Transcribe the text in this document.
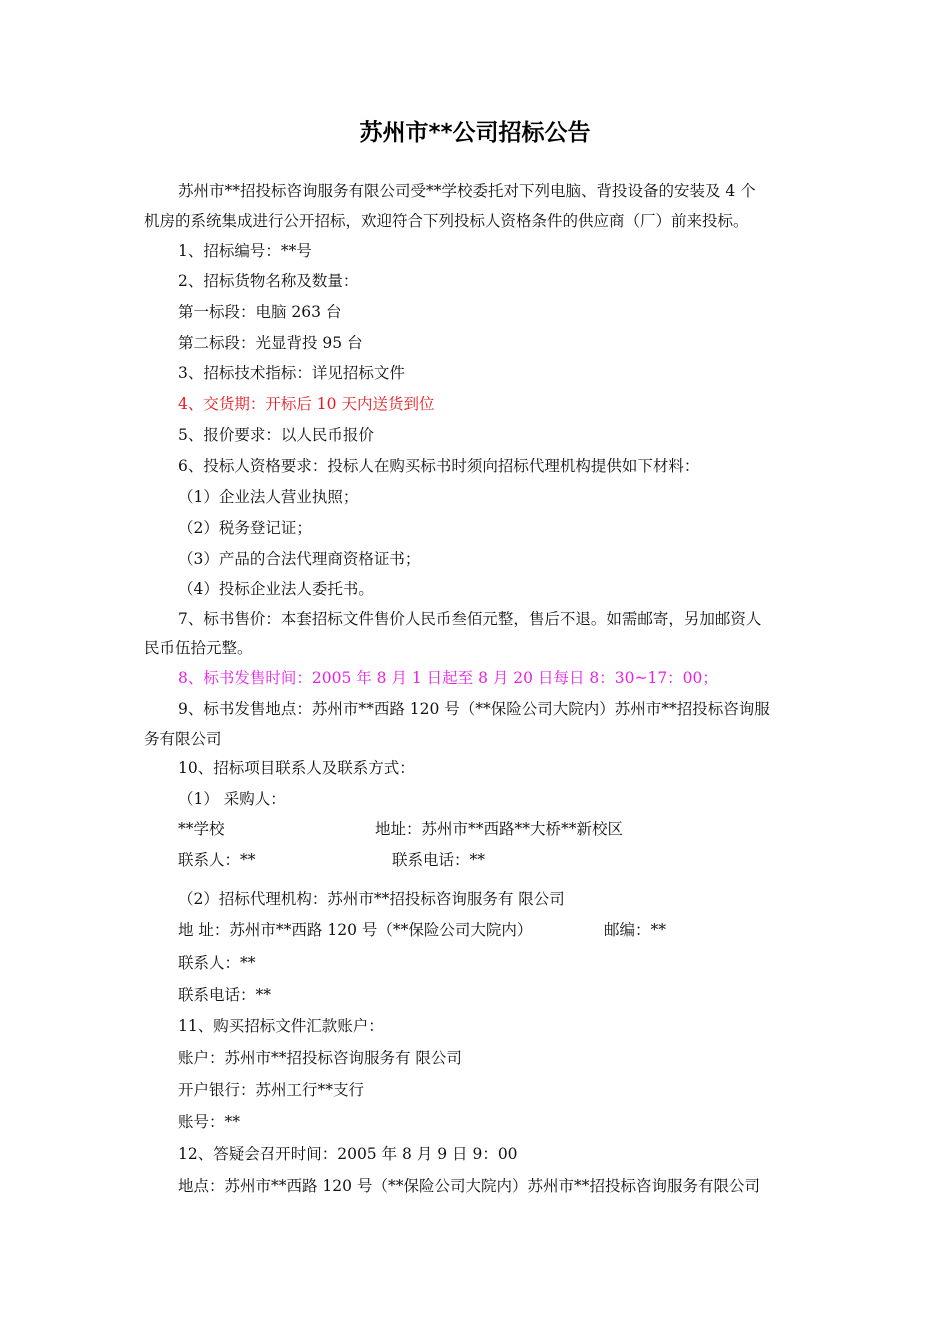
苏州市**公司招标公告
苏州市**招投标咨询服务有限公司受**学校委托对下列电脑、背投设备的安装及 4 个
机房的系统集成进行公开招标，欢迎符合下列投标人资格条件的供应商（厂）前来投标。
1、招标编号：**号
2、招标货物名称及数量：
第一标段：电脑 263 台
第二标段：光显背投 95 台
3、招标技术指标：详见招标文件
4、交货期：开标后 10 天内送货到位
5、报价要求：以人民币报价
6、投标人资格要求：投标人在购买标书时须向招标代理机构提供如下材料：
（1）企业法人营业执照；
（2）税务登记证；
（3）产品的合法代理商资格证书；
（4）投标企业法人委托书。
7、标书售价：本套招标文件售价人民币叁佰元整，售后不退。如需邮寄，另加邮资人
民币伍拾元整。
8、标书发售时间：2005 年 8 月 1 日起至 8 月 20 日每日 8：30~17：00；
9、标书发售地点：苏州市**西路 120 号（**保险公司大院内）苏州市**招投标咨询服
务有限公司
10、招标项目联系人及联系方式：
（1） 采购人：
**学校	地址：苏州市**西路**大桥**新校区
联系人：**	联系电话：**
（2）招标代理机构：苏州市**招投标咨询服务有 限公司
地 址：苏州市**西路 120 号（**保险公司大院内）	邮编：**
联系人：**
联系电话：**
11、购买招标文件汇款账户：
账户：苏州市**招投标咨询服务有 限公司
开户银行：苏州工行**支行
账号：**
12、答疑会召开时间：2005 年 8 月 9 日 9：00
地点：苏州市**西路 120 号（**保险公司大院内）苏州市**招投标咨询服务有限公司
